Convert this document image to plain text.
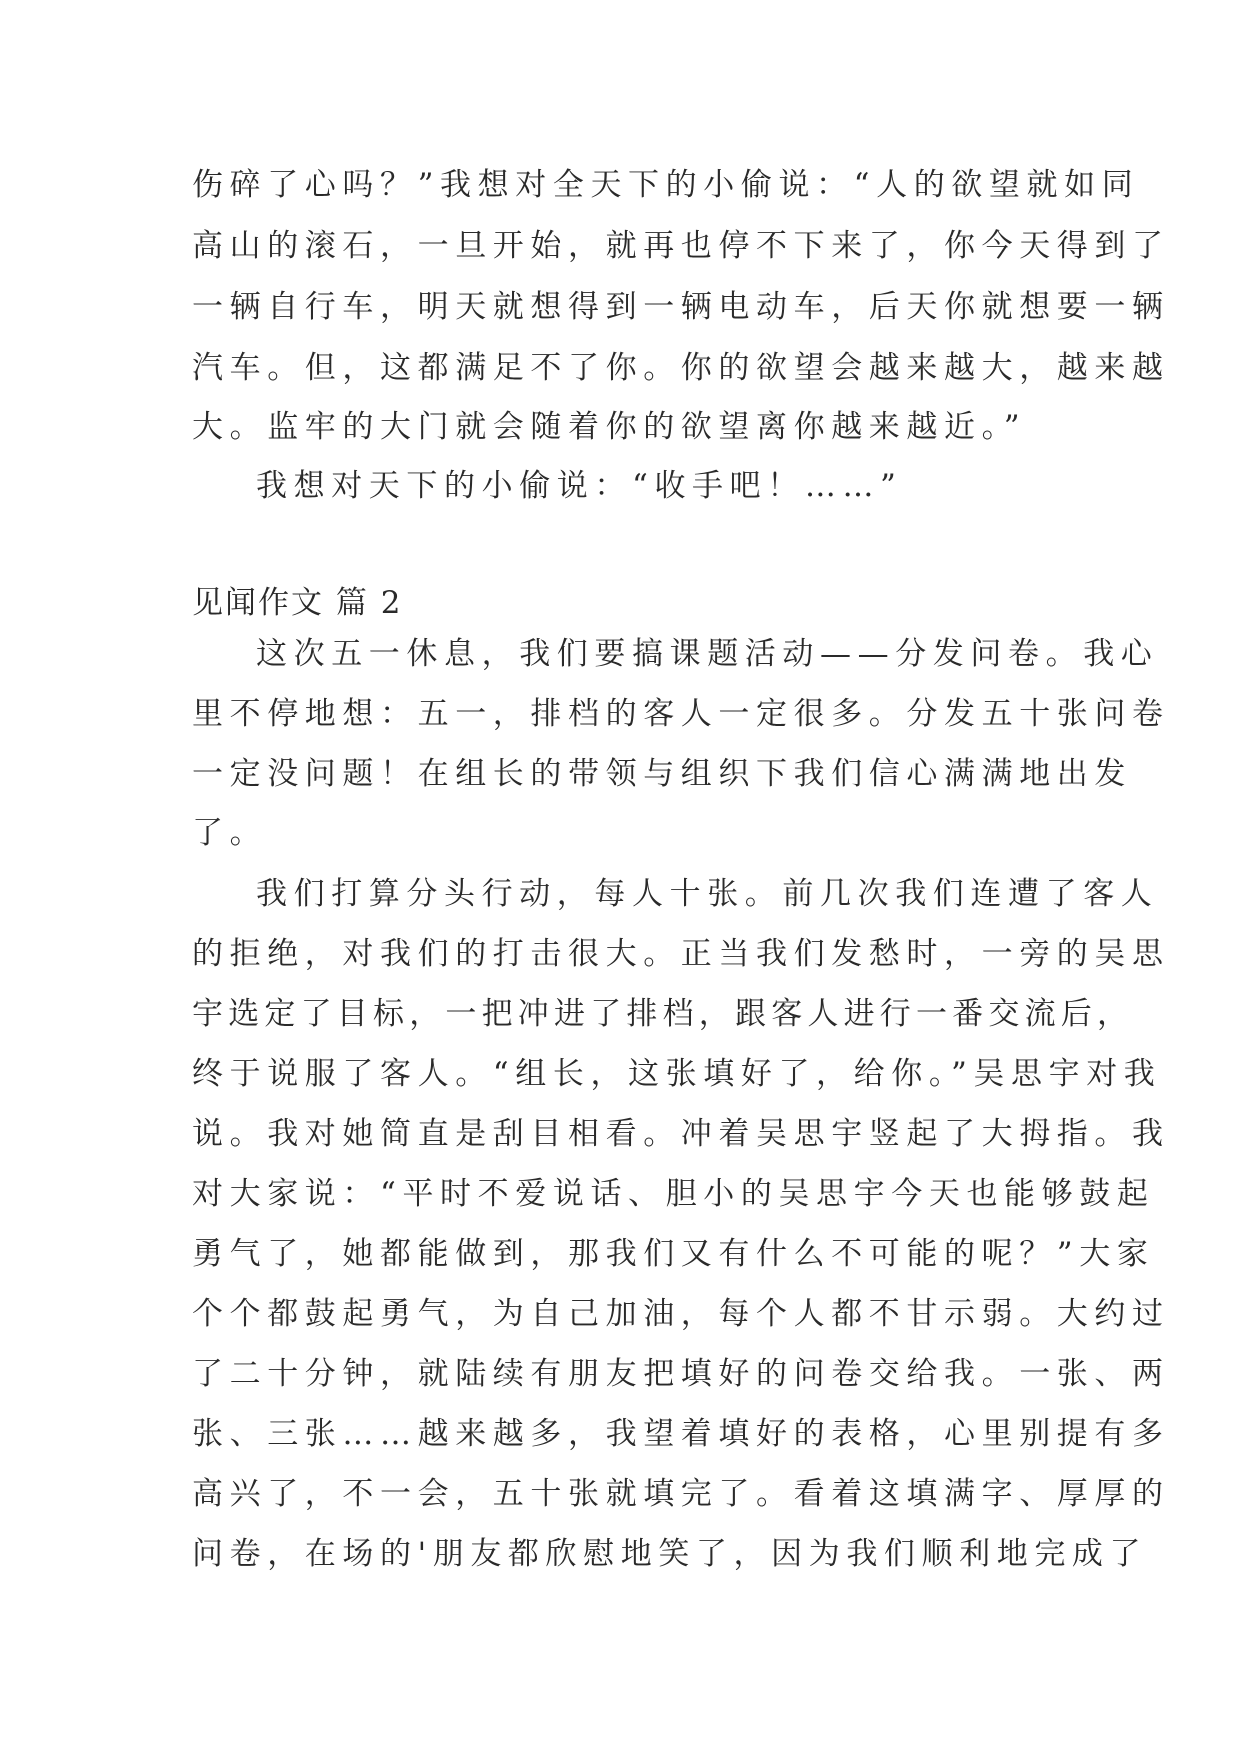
伤碎了心吗？”我想对全天下的小偷说：“人的欲望就如同

高山的滚石，一旦开始，就再也停不下来了，你今天得到了

一辆自行车，明天就想得到一辆电动车，后天你就想要一辆

汽车。但，这都满足不了你。你的欲望会越来越大，越来越

大。监牢的大门就会随着你的欲望离你越来越近。”

我想对天下的小偷说：“收手吧！……”

见闻作文 篇 2

这次五一休息，我们要搞课题活动——分发问卷。我心

里不停地想：五一，排档的客人一定很多。分发五十张问卷

一定没问题！在组长的带领与组织下我们信心满满地出发

了。

我们打算分头行动，每人十张。前几次我们连遭了客人

的拒绝，对我们的打击很大。正当我们发愁时，一旁的吴思

宇选定了目标，一把冲进了排档，跟客人进行一番交流后，

终于说服了客人。“组长，这张填好了，给你。”吴思宇对我

说。我对她简直是刮目相看。冲着吴思宇竖起了大拇指。我

对大家说：“平时不爱说话、胆小的吴思宇今天也能够鼓起

勇气了，她都能做到，那我们又有什么不可能的呢？”大家

个个都鼓起勇气，为自己加油，每个人都不甘示弱。大约过

了二十分钟，就陆续有朋友把填好的问卷交给我。一张、两

张、三张……越来越多，我望着填好的表格，心里别提有多

高兴了，不一会，五十张就填完了。看着这填满字、厚厚的

问卷，在场的'朋友都欣慰地笑了，因为我们顺利地完成了
